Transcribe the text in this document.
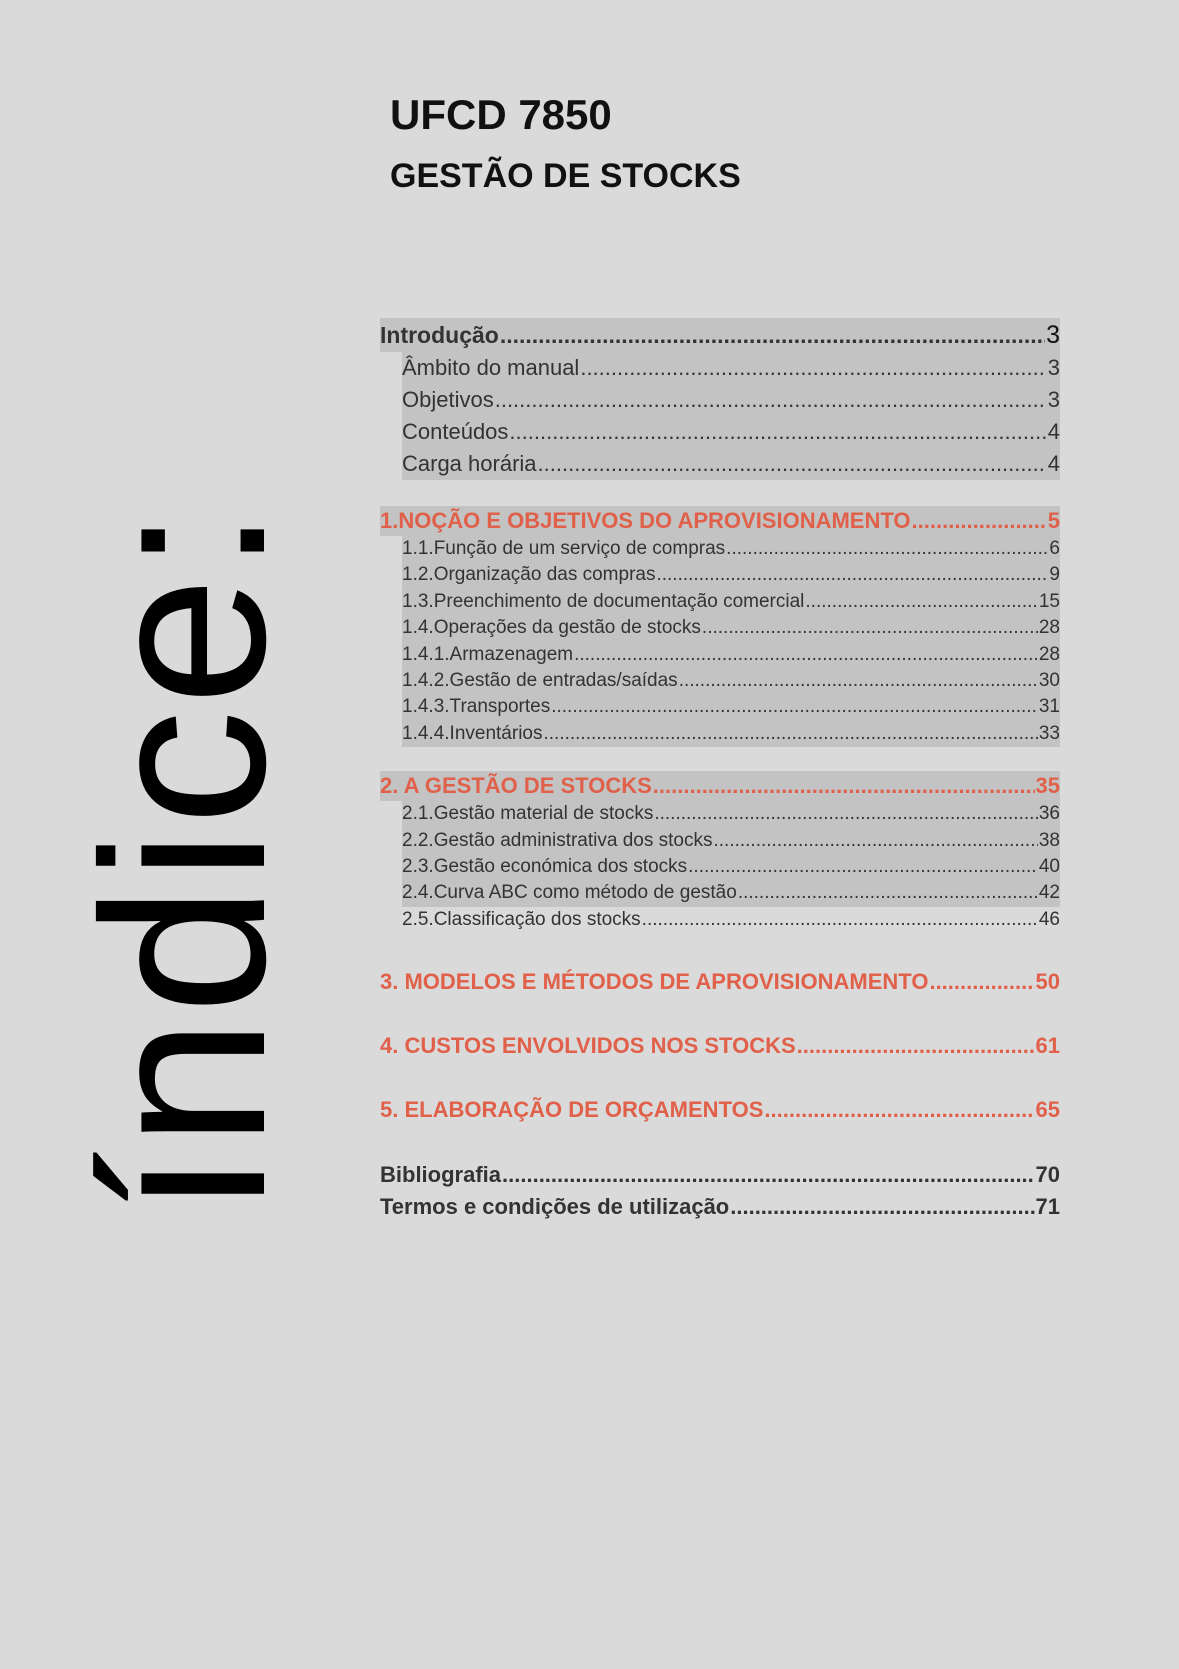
UFCD 7850
GESTÃO DE STOCKS
índice:
Introdução .....	3
Âmbito do manual .....	3
Objetivos .....	3
Conteúdos .....	4
Carga horária .....	4
1.NOÇÃO E OBJETIVOS DO APROVISIONAMENTO .....	5
1.1.Função de um serviço de compras .....	6
1.2.Organização das compras .....	9
1.3.Preenchimento de documentação comercial .....	15
1.4.Operações da gestão de stocks .....	28
1.4.1.Armazenagem .....	28
1.4.2.Gestão de entradas/saídas .....	30
1.4.3.Transportes .....	31
1.4.4.Inventários .....	33
2. A GESTÃO DE STOCKS .....	35
2.1.Gestão material de stocks .....	36
2.2.Gestão administrativa dos stocks .....	38
2.3.Gestão económica dos stocks .....	40
2.4.Curva ABC como método de gestão .....	42
2.5.Classificação dos stocks .....	46
3. MODELOS E MÉTODOS DE APROVISIONAMENTO .....	50
4. CUSTOS ENVOLVIDOS NOS STOCKS .....	61
5. ELABORAÇÃO DE ORÇAMENTOS .....	65
Bibliografia .....	70
Termos e condições de utilização .....	71
